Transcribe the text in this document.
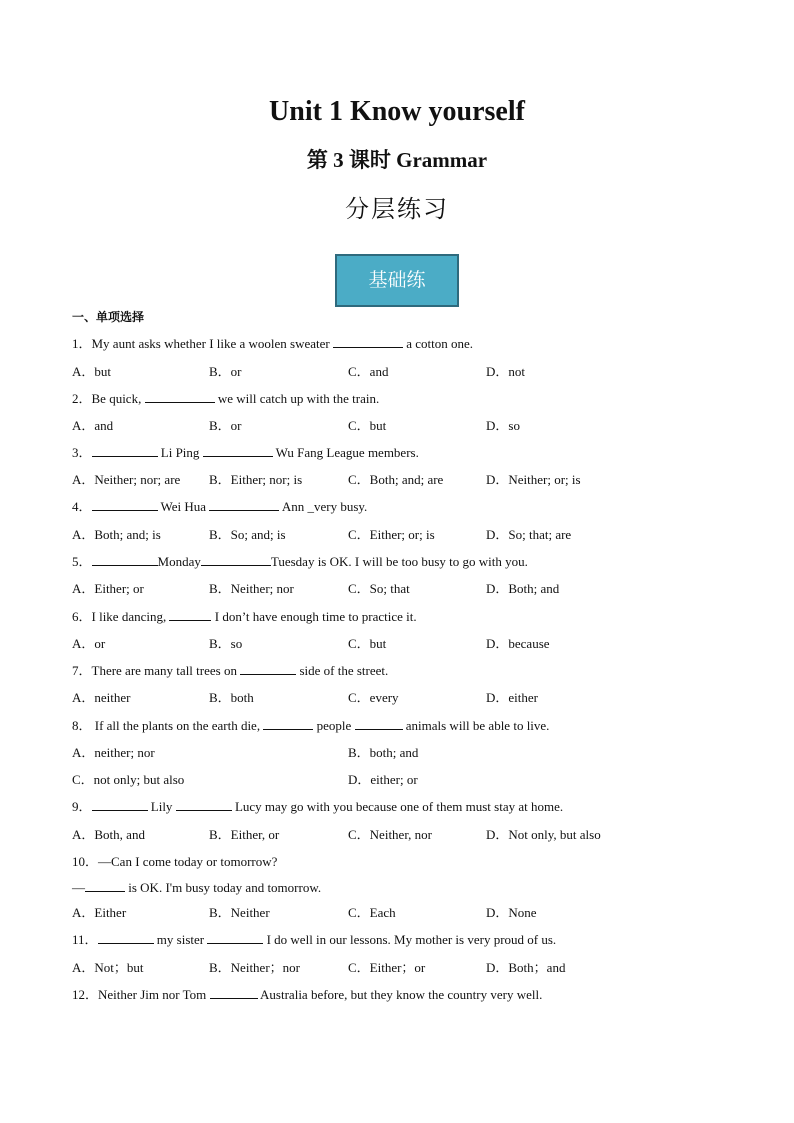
Unit 1 Know yourself
第 3 课时 Grammar
分层练习
基础练
一、单项选择
1．My aunt asks whether I like a woolen sweater	a cotton one.
A．but	B．or	C．and	D．not
2．Be quick,	we will catch up with the train.
A．and	B．or	C．but	D．so
3．	Li Ping	Wu Fang League members.
A．Neither; nor; are B．Either; nor; is	C．Both; and; are	D．Neither; or; is
4．	Wei Hua	Ann _very busy.
A．Both; and; is	B．So; and; is	C．Either; or; is	D．So; that; are
5．	Monday	Tuesday is OK. I will be too busy to go with you.
A．Either; or	B．Neither; nor	C．So; that	D．Both; and
6．I like dancing,	I don’t have enough time to practice it.
A．or	B．so	C．but	D．because
7．There are many tall trees on	side of the street.
A．neither	B．both	C．every	D．either
8． If all the plants on the earth die,	people	animals will be able to live.
A．neither; nor	B．both; and
C．not only; but also	D．either; or
9．	Lily	Lucy may go with you because one of them must stay at home.
A．Both, and	B．Either, or	C．Neither, nor	D．Not only, but also
10．—Can I come today or tomorrow?
—	is OK. I'm busy today and tomorrow.
A．Either	B．Neither	C．Each	D．None
11．	my sister	I do well in our lessons. My mother is very proud of us.
A．Not；but	B．Neither；nor	C．Either；or	D．Both；and
12．Neither Jim nor Tom	Australia before, but they know the country very well.
